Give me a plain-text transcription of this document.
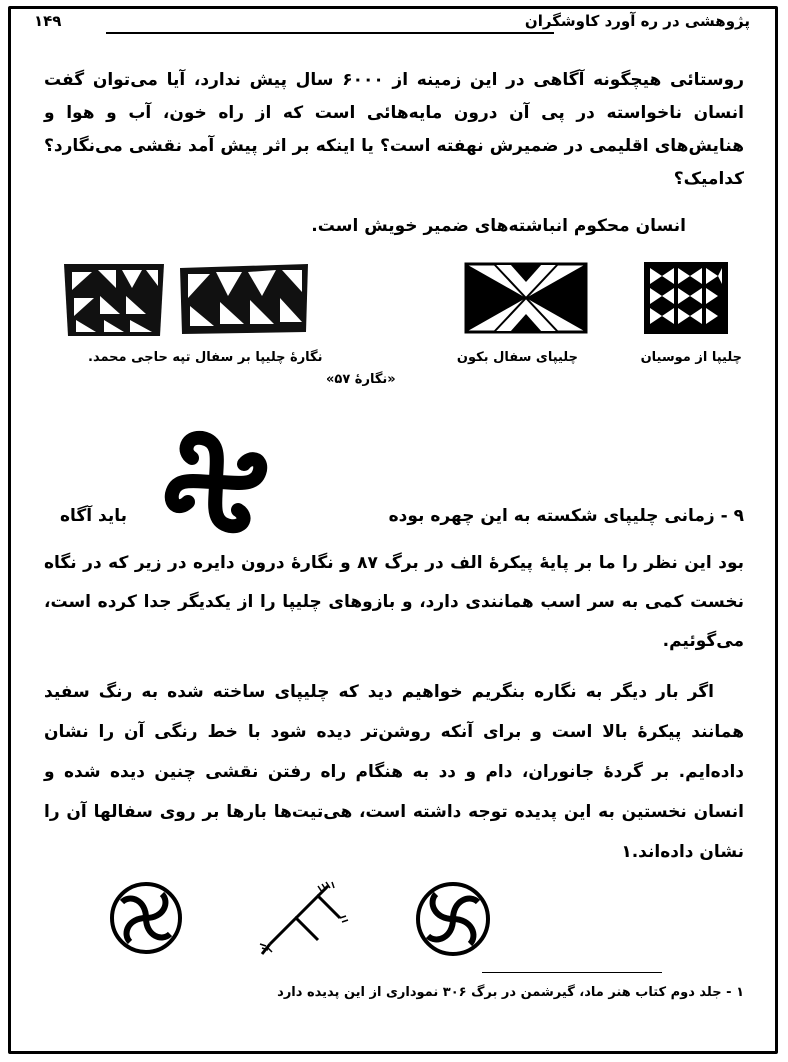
پژوهشی در ره آورد کاوشگران
۱۴۹
روستائی هیچگونه آگاهی در این زمینه از ۶۰۰۰ سال پیش ندارد، آیا می‌توان گفت انسان ناخواسته در پی آن درون مایه‌هائی است که از راه خون، آب و هوا و هنایش‌های اقلیمی در ضمیرش نهفته است؟ یا اینکه بر اثر پیش آمد نقشی می‌نگارد؟ کدامیک؟
انسان محکوم انباشته‌های ضمیر خویش است.
چلیپا از موسیان
چلیپای سفال بکون
نگارهٔ چلیپا بر سفال تپه حاجی محمد.
«نگارهٔ ۵۷»
۹ - زمانی چلیپای شکسته به این چهره بوده
باید آگاه
بود این نظر را ما بر پایهٔ پیکرهٔ الف در برگ ۸۷ و نگارهٔ درون دایره در زیر که در نگاه نخست کمی به سر اسب همانندی دارد، و بازوهای چلیپا را از یکدیگر جدا کرده است، می‌گوئیم.
اگر بار دیگر به نگاره بنگریم خواهیم دید که چلیپای ساخته شده به رنگ سفید همانند پیکرهٔ بالا است و برای آنکه روشن‌تر دیده شود با خط رنگی آن را نشان داده‌ایم. بر گردهٔ جانوران، دام و دد به هنگام راه رفتن نقشی چنین دیده شده و انسان نخستین به این پدیده توجه داشته است، هی‌تیت‌ها بارها بر روی سفالها آن را نشان داده‌اند.۱
۱ - جلد دوم کتاب هنر ماد، گیرشمن در برگ ۳۰۶ نموداری از این پدیده دارد
